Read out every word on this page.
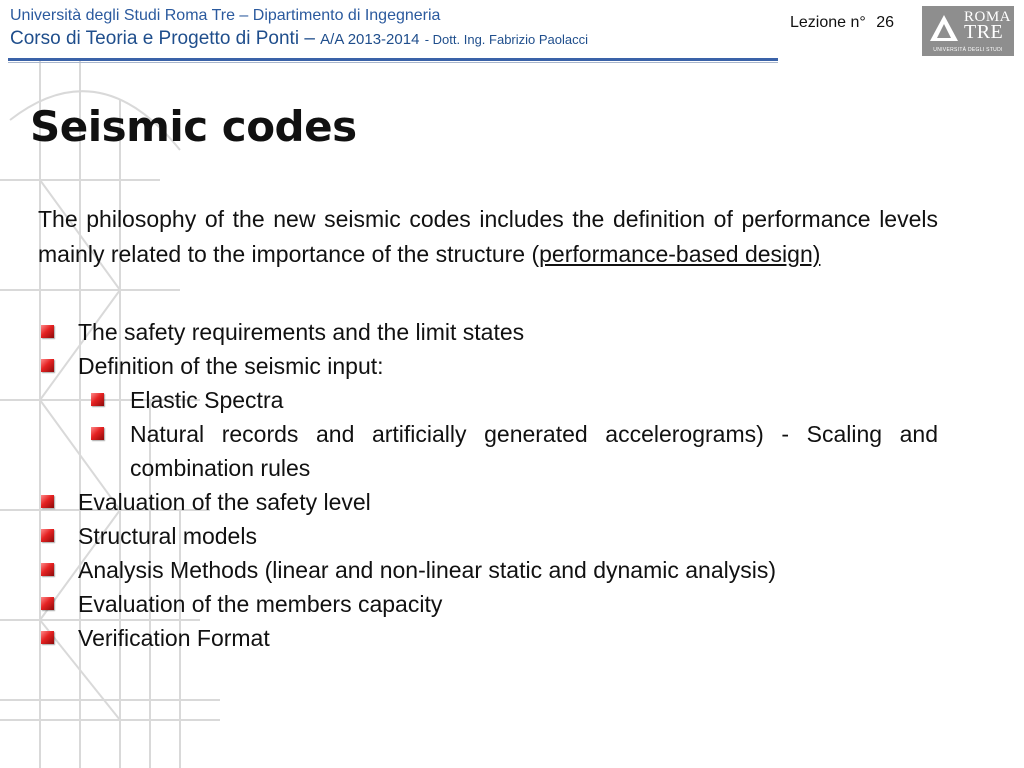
Università degli Studi Roma Tre – Dipartimento di Ingegneria
Corso di Teoria e Progetto di Ponti – A/A 2013-2014 - Dott. Ing. Fabrizio Paolacci
Lezione n° 26	ROMA
TRE
UNIVERSITÀ DEGLI STUDI
Seismic codes

The philosophy of the new seismic codes includes the definition of performance levels mainly related to the importance of the structure (performance-based design)

The safety requirements and the limit states
Definition of the seismic input:
Elastic Spectra
Natural records and artificially generated accelerograms) - Scaling and combination rules
Evaluation of the safety level
Structural models
Analysis Methods (linear and non-linear static and dynamic analysis)
Evaluation of the members capacity
Verification Format
